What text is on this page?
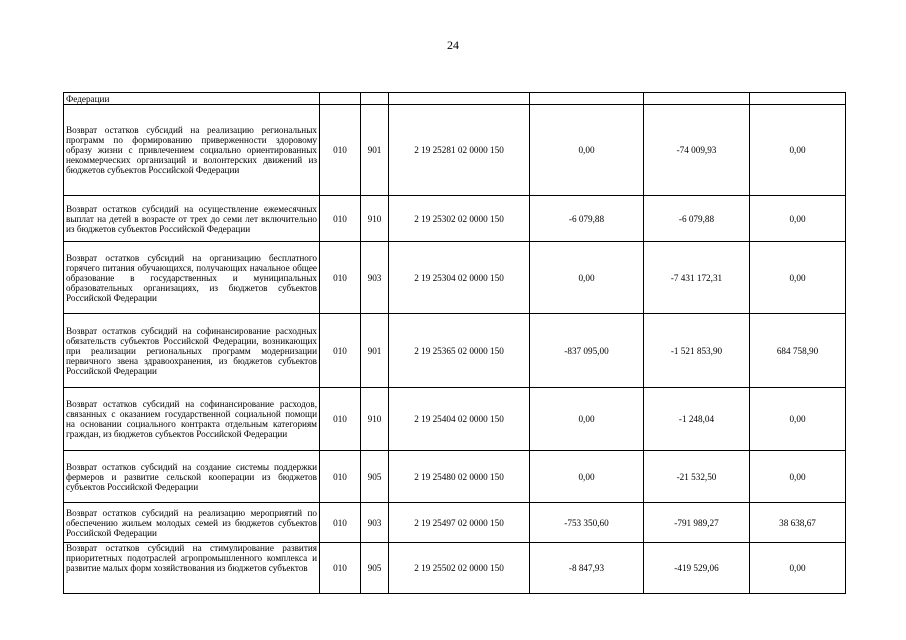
24
Федерации						
Возврат остатков субсидий на реализацию региональных программ по формированию приверженности здоровому образу жизни с привлечением социально ориентированных некоммерческих организаций и волонтерских движений из бюджетов субъектов Российской Федерации	010	901	2 19 25281 02 0000 150	0,00	-74 009,93	0,00
Возврат остатков субсидий на осуществление ежемесячных выплат на детей в возрасте от трех до семи лет включительно из бюджетов субъектов Российской Федерации	010	910	2 19 25302 02 0000 150	-6 079,88	-6 079,88	0,00
Возврат остатков субсидий на организацию бесплатного горячего питания обучающихся, получающих начальное общее образование в государственных и муниципальных образовательных организациях, из бюджетов субъектов Российской Федерации	010	903	2 19 25304 02 0000 150	0,00	-7 431 172,31	0,00
Возврат остатков субсидий на софинансирование расходных обязательств субъектов Российской Федерации, возникающих при реализации региональных программ модернизации первичного звена здравоохранения, из бюджетов субъектов Российской Федерации	010	901	2 19 25365 02 0000 150	-837 095,00	-1 521 853,90	684 758,90
Возврат остатков субсидий на софинансирование расходов, связанных с оказанием государственной социальной помощи на основании социального контракта отдельным категориям граждан, из бюджетов субъектов Российской Федерации	010	910	2 19 25404 02 0000 150	0,00	-1 248,04	0,00
Возврат остатков субсидий на создание системы поддержки фермеров и развитие сельской кооперации из бюджетов субъектов Российской Федерации	010	905	2 19 25480 02 0000 150	0,00	-21 532,50	0,00
Возврат остатков субсидий на реализацию мероприятий по обеспечению жильем молодых семей из бюджетов субъектов Российской Федерации	010	903	2 19 25497 02 0000 150	-753 350,60	-791 989,27	38 638,67
Возврат остатков субсидий на стимулирование развития приоритетных подотраслей агропромышленного комплекса и развитие малых форм хозяйствования из бюджетов субъектов	010	905	2 19 25502 02 0000 150	-8 847,93	-419 529,06	0,00
